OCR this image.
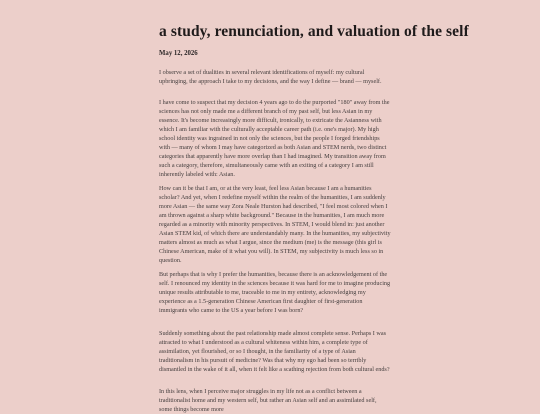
a study, renunciation, and valuation of the self
May 12, 2026

I observe a set of dualities in several relevant identifications of myself: my cultural upbringing, the approach I take to my decisions, and the way I define — brand — myself.

I have come to suspect that my decision 4 years ago to do the purported "180" away from the sciences has not only made me a different branch of my past self, but less Asian in my essence. It's become increasingly more difficult, ironically, to extricate the Asianness with which I am familiar with the culturally acceptable career path (i.e. one's major). My high school identity was ingrained in not only the sciences, but the people I forged friendships with — many of whom I may have categorized as both Asian and STEM nerds, two distinct categories that apparently have more overlap than I had imagined. My transition away from such a category, therefore, simultaneously came with an exiting of a category I am still inherently labeled with: Asian.

How can it be that I am, or at the very least, feel less Asian because I am a humanities scholar? And yet, when I redefine myself within the realm of the humanities, I am suddenly more Asian — the same way Zora Neale Hurston had described, "I feel most colored when I am thrown against a sharp white background." Because in the humanities, I am much more regarded as a minority with minority perspectives. In STEM, I would blend in: just another Asian STEM kid, of which there are understandably many. In the humanities, my subjectivity matters almost as much as what I argue, since the medium (me) is the message (this girl is Chinese American, make of it what you will). In STEM, my subjectivity is much less so in question.

But perhaps that is why I prefer the humanities, because there is an acknowledgement of the self. I renounced my identity in the sciences because it was hard for me to imagine producing unique results attributable to me, traceable to me in my entirety, acknowledging my experience as a 1.5-generation Chinese American first daughter of first-generation immigrants who came to the US a year before I was born?

Suddenly something about the past relationship made almost complete sense. Perhaps I was attracted to what I understood as a cultural whiteness within him, a complete type of assimilation, yet flourished, or so I thought, in the familiarity of a type of Asian traditionalism in his pursuit of medicine? Was that why my ego had been so terribly dismantled in the wake of it all, when it felt like a scathing rejection from both cultural ends?

In this lens, when I perceive major struggles in my life not as a conflict between a traditionalist home and my western self, but rather an Asian self and an assimilated self, some things become more
